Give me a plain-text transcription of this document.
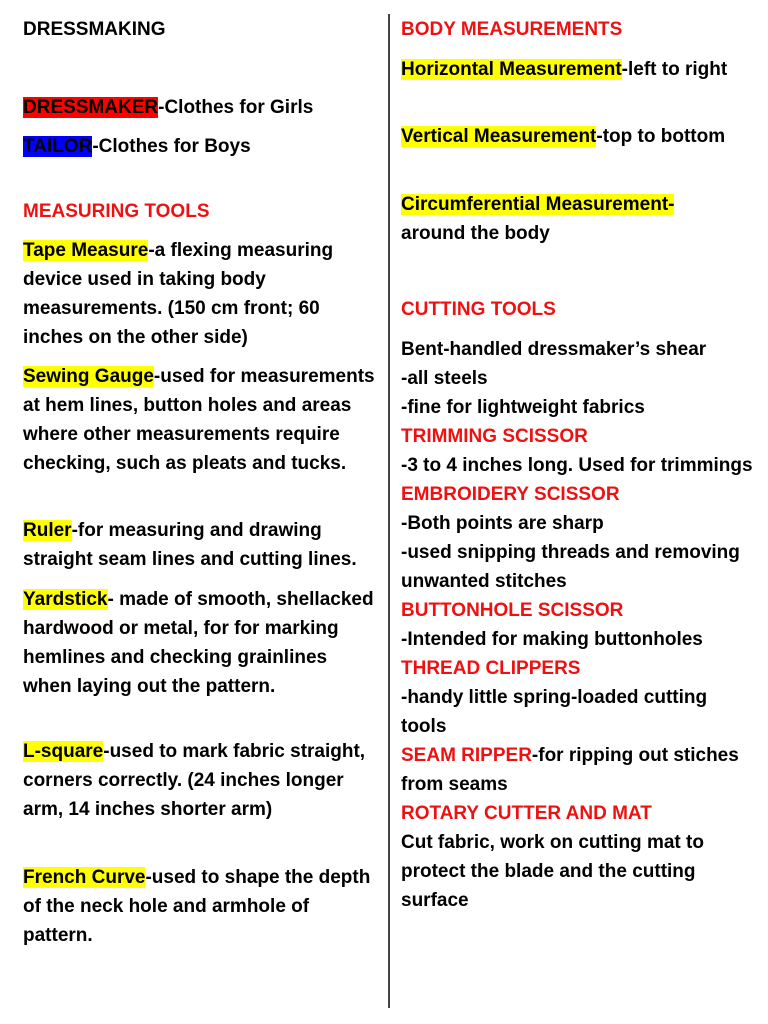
DRESSMAKING

DRESSMAKER-Clothes for Girls

TAILOR-Clothes for Boys

MEASURING TOOLS

Tape Measure-a flexing measuring device used in taking body measurements. (150 cm front; 60 inches on the other side)

Sewing Gauge-used for measurements at hem lines, button holes and areas where other measurements require checking, such as pleats and tucks.

Ruler-for measuring and drawing straight seam lines and cutting lines.

Yardstick- made of smooth, shellacked hardwood or metal, for for marking hemlines and checking grainlines when laying out the pattern.

L-square-used to mark fabric straight, corners correctly. (24 inches longer arm, 14 inches shorter arm)

French Curve-used to shape the depth of the neck hole and armhole of pattern.

BODY MEASUREMENTS

Horizontal Measurement-left to right

Vertical Measurement-top to bottom

Circumferential Measurement-
around the body

CUTTING TOOLS

Bent-handled dressmaker’s shear

-all steels

-fine for lightweight fabrics

TRIMMING SCISSOR

-3 to 4 inches long. Used for trimmings

EMBROIDERY SCISSOR

-Both points are sharp

-used snipping threads and removing unwanted stitches

BUTTONHOLE SCISSOR

-Intended for making buttonholes

THREAD CLIPPERS

-handy little spring-loaded cutting tools

SEAM RIPPER-for ripping out stiches from seams

ROTARY CUTTER AND MAT

Cut fabric, work on cutting mat to protect the blade and the cutting surface
